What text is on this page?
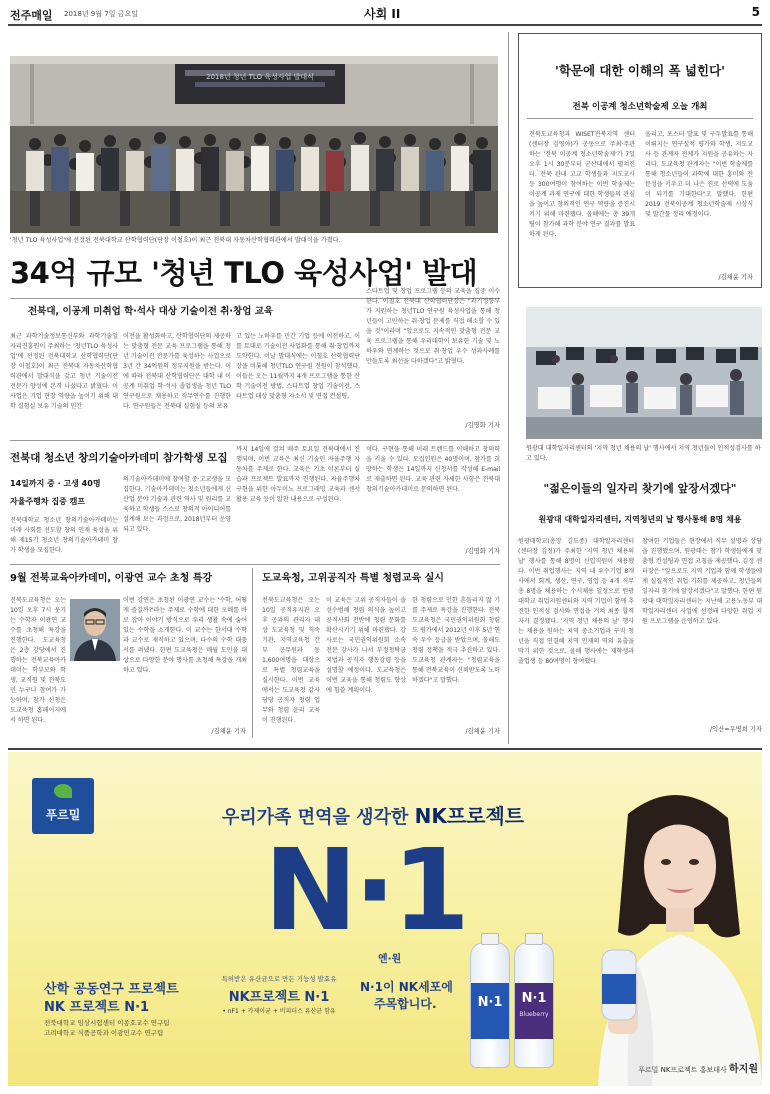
전주매일 2018년 9월 7일 금요일	사회 II	5
2018년 청년 TLO 육성사업 발대식
'청년 TLO 육성사업'에 선정된 전북대학교 산학협력단(단장 이철호)이 최근 전북대 자동차산학협력관에서 발대식을 가졌다.
34억 규모 '청년 TLO 육성사업' 발대
전북대, 이공계 미취업 학·석사 대상 기술이전 취·창업 교육
최근 과학기술정보통신부와 과학기술일자리진흥원이 주최하는 '청년TLO 육성사업'에 선정된 전북대학교 산학협력단(단장 이철호)이 최근 전북대 자동차산학협력관에서 발대식을 갖고 청년 기술이전 전문가 양성에 본격 나섰다고 밝혔다. 이 사업은 기업 현장 역량을 높이기 위해 대학 실험실 보유 기술의 민간
이전을 활성화하고, 산학협력단의 제공하는 맞춤형 전문 교육 프로그램을 통해 청년 기술이전 전문가를 육성하는 사업으로 3년 간 34억원의 정부지원을 받는다. 이에 따라 전북대 산학협력단은 대학 내 이공계 미취업 학·석사 졸업생을 청년 TLO 연구원으로 채용하고 직무연수를 진행한다. 연구원들은 전북대 실험실 등의 보유
고 있는 노하우를 민간 기업 등에 이전하고, 이를 토대로 기술이전 사업화를 통해 취·창업까지 도약한다. 이날 발대식에는 이철호 산학협력단장을 비롯해 청년TLO 연구원 전원이 참석했다. 이들은 오는 11월까지 4개 프로그램을 통한 산학 기술이전 방법, 스타트업 창업 기술이전, 스타트업 대상 맞춤형 자소서 및 면접 컨설팅,
스타트업 및 창업 프로그램 등의 교육을 집중 이수한다. 이철호 전북대 산학협력단장은 "과기정통부가 지원하는 청년TLO 연구원 육성사업을 통해 청년들이 고민하는 취·창업 문제를 직접 해소할 수 있을 것"이라며 "앞으로도 지속적인 맞춤형 전문 교육 프로그램을 통해 우리대학이 보유한 기술 및 노하우와 연계하는 것으로 취·창업 우수 성과사례를 만들도록 최선을 다하겠다"고 밝혔다.
/김명화 기자
'학문에 대한 이해의 폭 넓힌다'
전북 이공계 청소년학술제 오늘 개최
전북도교육청과 WISET전북지역 센터(센터장 김영아)가 공동으로 주최·주관하는 '전북 이공계 청소년학술제'가 7일 오후 1시 30분부터 군산대에서 펼쳐진다. 전북 관내 고교 학생들과 지도교사 등 300여명이 참여하는 이번 학술제는 이공계 과제 연구에 대한 학생들의 관심을 높이고 창의적인 연구 역량을 증진시키기 위해 마련됐다. 올해에는 총 39개 팀이 참가해 과학 분야 연구 결과를 발표하게 된다.
올리고, 포스터 발표 및 구두발표를 통해 이뤄지는 연구실적 평가와 학생, 지도교사 등 관계자 전체가 지원을 공유하는 자리다. 도교육청 관계자는 "이번 학술제를 통해 청소년들이 과학에 대한 흥미와 전문성을 키우고 더 나은 진로 선택에 도움이 되기를 기대한다"고 말했다. 한편 2019 전북이공계 청소년학술제 시상식 및 발간물 정리 예정이다.
/김채윤 기자
원광대 대학일자리센터의 '지역 청년 채용의 날' 행사에서 지역 청년들이 인적성검사를 하고 있다.
"젊은이들의 일자리 찾기에 앞장서겠다"
원광대 대학일자리센터, 지역청년의 날 행사통해 8명 채용
원광대학교(총장 김도종) 대학일자리센터(센터장 김정)가 주최한 '지역 청년 채용의 날' 행사를 통해 8명이 신입직원이 채용됐다. 이번 취업행사는 지역 내 우수기업 8개사에서 회계, 생산, 연구, 영업 등 4개 직무 총 8명을 채용하는 수시채용 일정으로 원광대학교 취업지원센터와 지역 기업이 함께 추진한 인적성 검사와 면접을 거쳐 최종 합격자가 결정됐다. '지역 청년 채용의 날' 행사는 채용을 원하는 지역 중소기업과 구직 청년을 직접 연결해 지역 인재의 역외 유출을 막기 위한 것으로, 올해 행사에는 재학생과 졸업생 등 80여명이 참여했다.
참여한 기업들은 현장에서 직무 설명과 상담을 진행했으며, 원광대는 참가 학생들에게 맞춤형 컨설팅과 면접 코칭을 제공했다. 김정 센터장은 "앞으로도 지역 기업과 함께 학생들에게 실질적인 취업 기회를 제공하고, 청년들의 일자리 찾기에 앞장서겠다"고 말했다. 한편 원광대 대학일자리센터는 지난해 고용노동부 대학일자리센터 사업에 선정돼 다양한 취업 지원 프로그램을 운영하고 있다.
/익산=우병희 기자
전북대 청소년 창의기술아카데미 참가학생 모집
14일까지 중 · 고생 40명
자율주행차 집중 캠프
전북대학교 청소년 창의기술아카데미는 미래 사회를 선도할 창의 인재 육성을 위해 제15기 청소년 창의기술아카데미 참가 학생을 모집한다.
의기술아카데미에 참여할 중·고교생을 모집한다. 기술아카데미는 청소년들에게 신산업 분야 기술과 관련 역사 및 원리를 교육하고 학생들 스스로 창의적 아이디어를 설계해 보는 과정으로, 2018년부터 운영되고 있다.
까지 14일에 걸쳐 매주 토요일 전북대에서 진행되며, 이번 교육은 최신 기술인 자율주행 자동차를 주제로 한다. 교육은 기초 이론부터 실습과 프로젝트 발표까지 진행된다. 자율주행차 구현을 위한 아두이노 프로그래밍 교육과 센서 활용 교육 등이 알찬 내용으로 구성된다.
이다. 구현을 통해 미래 트렌드를 이해하고 창의력을 키울 수 있다. 모집인원은 40명이며, 참가를 희망하는 학생은 14일까지 신청서를 작성해 E-mail로 제출하면 된다. 교육 관련 자세한 사항은 전북대 창의기술아카데미로 문의하면 된다.
/김명화 기자
9월 전북교육아카데미, 이광연 교수 초청 특강
전북도교육청은 오는 10일 오후 7시 웃기는 수학자 이광연 교수를 초청해 특강을 진행한다. 도교육청은 2층 강당에서 진행하는 전북교육아카데미는 학부모와 학생, 교직원 및 전북도민 누구나 참여가 가능하며, 참가 신청은 도교육청 홈페이지에서 하면 된다.
이번 강연은 초청된 이광연 교수는 '수학, 어떻게 즐길까?'라는 주제로 수학에 대한 오해를 바로 잡아 이야기 방식으로 우리 생활 속에 숨어 있는 수학을 소개한다. 이 교수는 한서대 수학과 교수로 재직하고 있으며, 다수의 수학 대중서를 펴냈다. 한편 도교육청은 매월 도민을 대상으로 다양한 분야 명사를 초청해 특강을 개최하고 있다.
/김채윤 기자
도교육청, 고위공직자 특별 청렴교육 실시
전북도교육청은 오는 10일 공직유지관 오후 공과의 관리자 대상 도교육청 및 직속기관, 지역교육청 간부 공무원과 동 1,600여명을 대상으로 특별 청렴교육을 실시한다. 이번 교육에서는 도교육청 감사담당 공직자 청렴 업무와 청렴 윤리 교육이 진행된다.
이 교육은 고위 공직자들이 솔선수범해 청렴 의식을 높이고 공직사회 전반에 청렴 문화를 확산시키기 위해 마련됐다. 강사로는 국민권익위원회 소속 전문 강사가 나서 부정청탁금지법과 공직자 행동강령 등을 설명할 예정이다. 도교육청은 이번 교육을 통해 청렴도 향상에 힘쓸 계획이다.
한 청렴으로 인한 흔들리지 않 기를 주제로 특강을 진행한다. 전북도교육청은 국민권익위원회 청렴도 평가에서 2012년 이후 5년 연속 우수 등급을 받았으며, 올해도 청렴 정책을 적극 추진하고 있다. 도교육청 관계자는 "청렴교육을 통해 전북교육이 신뢰받도록 노력하겠다"고 말했다.
/김채윤 기자
푸르밀	우리가족 면역을 생각한 NK프로젝트
N·1
엔·원
산학 공동연구 프로젝트
NK 프로젝트 N·1
전북대학교 임상시험센터 이종호교수 연구팀
고려대학교 식품공학과 이광민교수 연구팀
특허받은 유산균으로 만든 기능성 발효유
NK프로젝트 N·1
• nF1 + 카제이균 + 비피더스 유산균 함유
N·1이 NK세포에
주목합니다.	N·1	N·1
Blueberry
푸르밀 NK프로젝트 홍보대사 하지원
